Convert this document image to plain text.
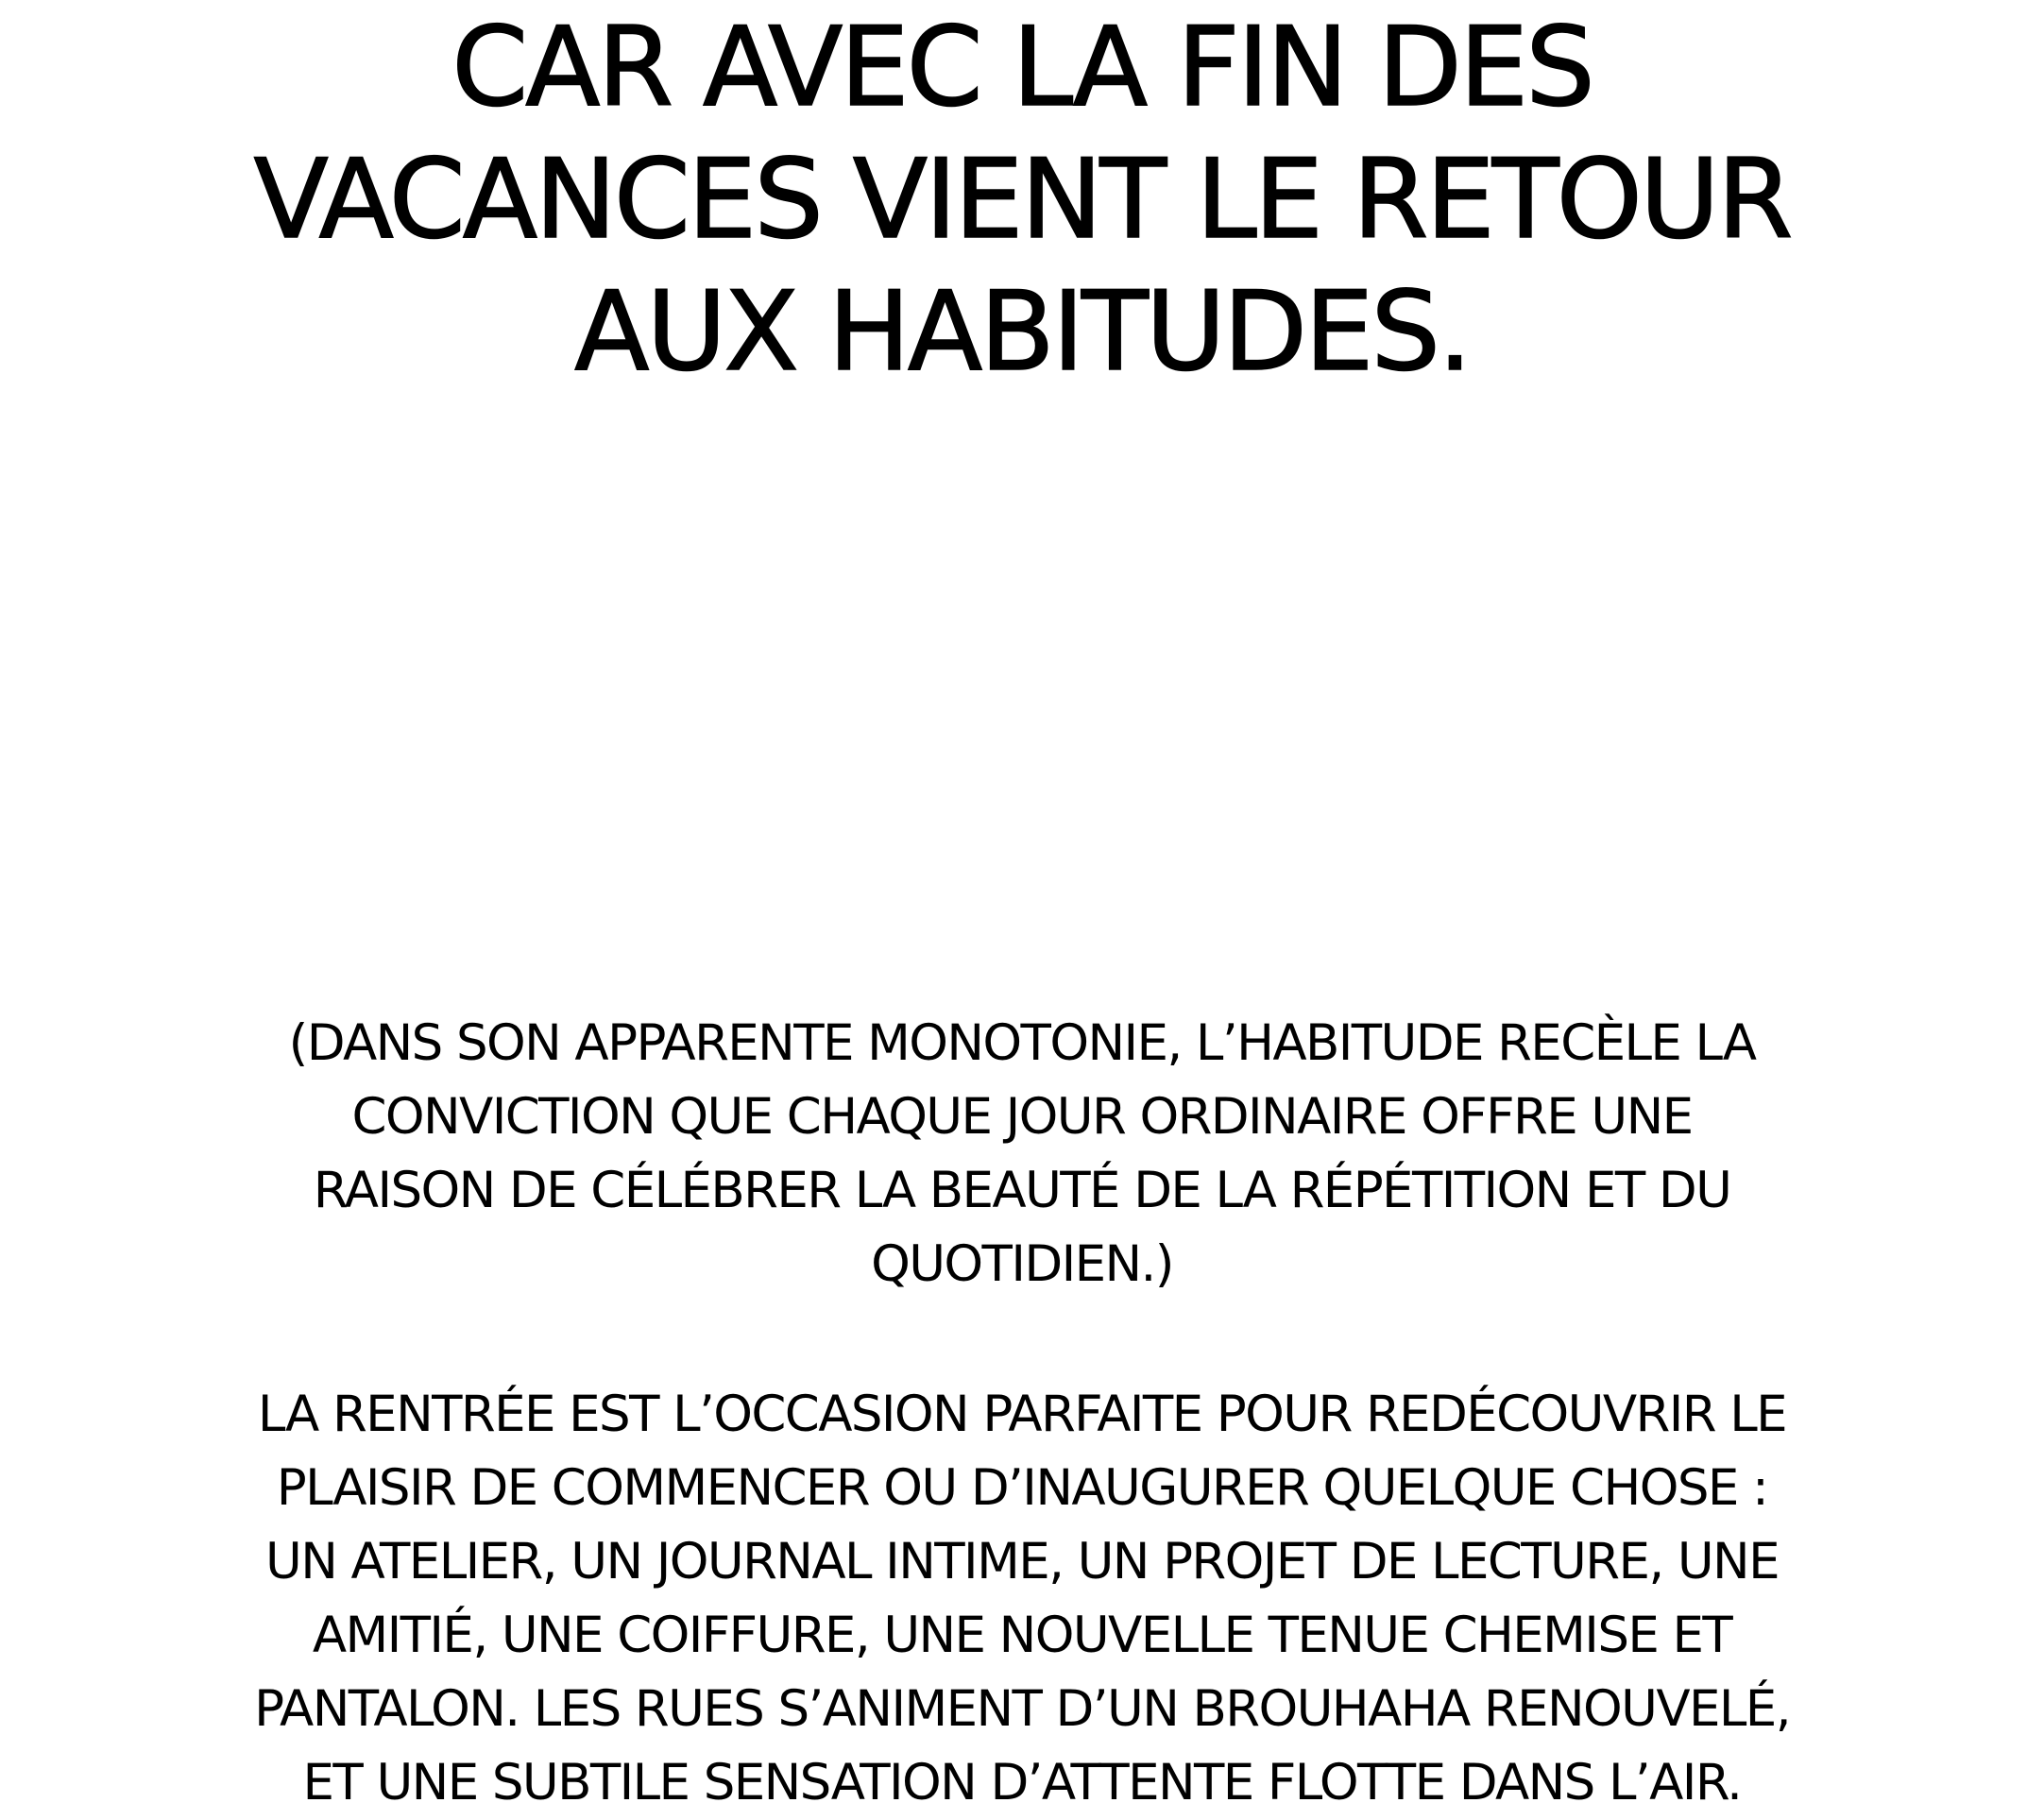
CAR AVEC LA FIN DES
VACANCES VIENT LE RETOUR
AUX HABITUDES.

(DANS SON APPARENTE MONOTONIE, L’HABITUDE RECÈLE LA
CONVICTION QUE CHAQUE JOUR ORDINAIRE OFFRE UNE
RAISON DE CÉLÉBRER LA BEAUTÉ DE LA RÉPÉTITION ET DU
QUOTIDIEN.)

LA RENTRÉE EST L’OCCASION PARFAITE POUR REDÉCOUVRIR LE
PLAISIR DE COMMENCER OU D’INAUGURER QUELQUE CHOSE :
UN ATELIER, UN JOURNAL INTIME, UN PROJET DE LECTURE, UNE
AMITIÉ, UNE COIFFURE, UNE NOUVELLE TENUE CHEMISE ET
PANTALON. LES RUES S’ANIMENT D’UN BROUHAHA RENOUVELÉ,
ET UNE SUBTILE SENSATION D’ATTENTE FLOTTE DANS L’AIR.
